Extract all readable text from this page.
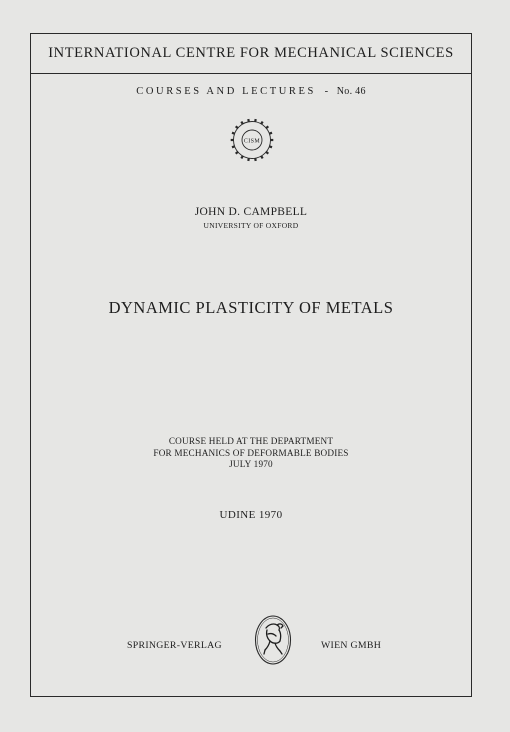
INTERNATIONAL CENTRE FOR MECHANICAL SCIENCES
COURSES AND LECTURES - No. 46
CISM
JOHN D. CAMPBELL
UNIVERSITY OF OXFORD
DYNAMIC PLASTICITY OF METALS
COURSE HELD AT THE DEPARTMENT
FOR MECHANICS OF DEFORMABLE BODIES
JULY 1970
UDINE 1970
SPRINGER-VERLAG	WIEN GMBH
